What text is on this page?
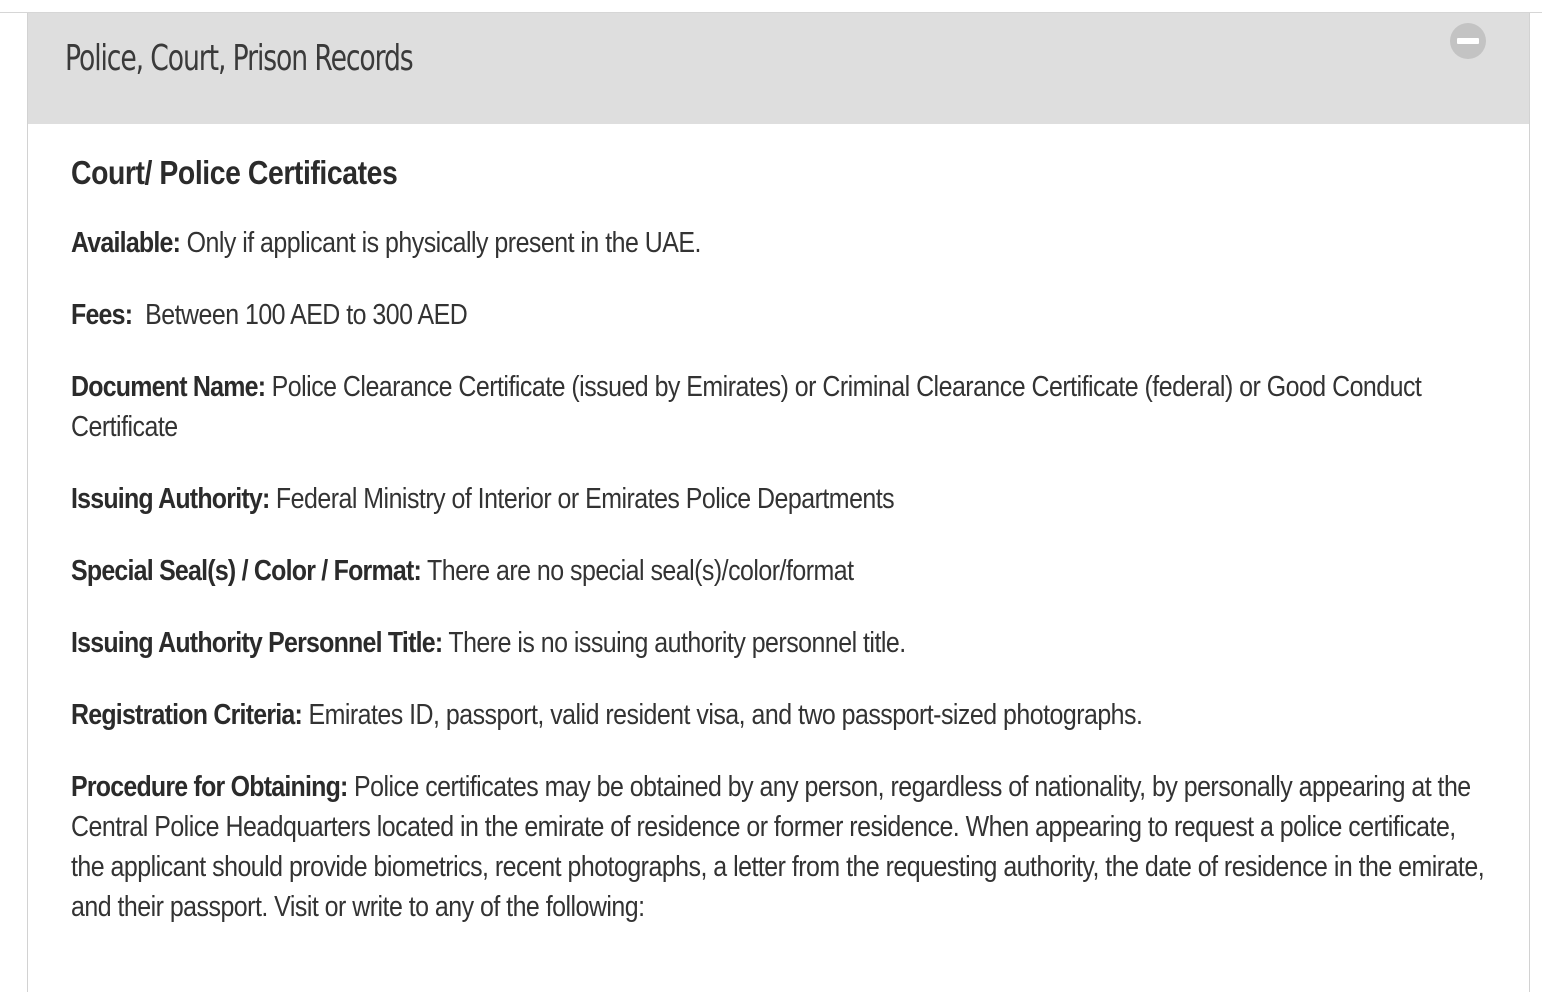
Police, Court, Prison Records
Court/ Police Certificates

Available: Only if applicant is physically present in the UAE.

Fees:  Between 100 AED to 300 AED

Document Name: Police Clearance Certificate (issued by Emirates) or Criminal Clearance Certificate (federal) or Good Conduct Certificate

Issuing Authority: Federal Ministry of Interior or Emirates Police Departments

Special Seal(s) / Color / Format: There are no special seal(s)/color/format

Issuing Authority Personnel Title: There is no issuing authority personnel title.

Registration Criteria: Emirates ID, passport, valid resident visa, and two passport-sized photographs.

Procedure for Obtaining: Police certificates may be obtained by any person, regardless of nationality, by personally appearing at the Central Police Headquarters located in the emirate of residence or former residence. When appearing to request a police certificate, the applicant should provide biometrics, recent photographs, a letter from the requesting authority, the date of residence in the emirate, and their passport. Visit or write to any of the following:
